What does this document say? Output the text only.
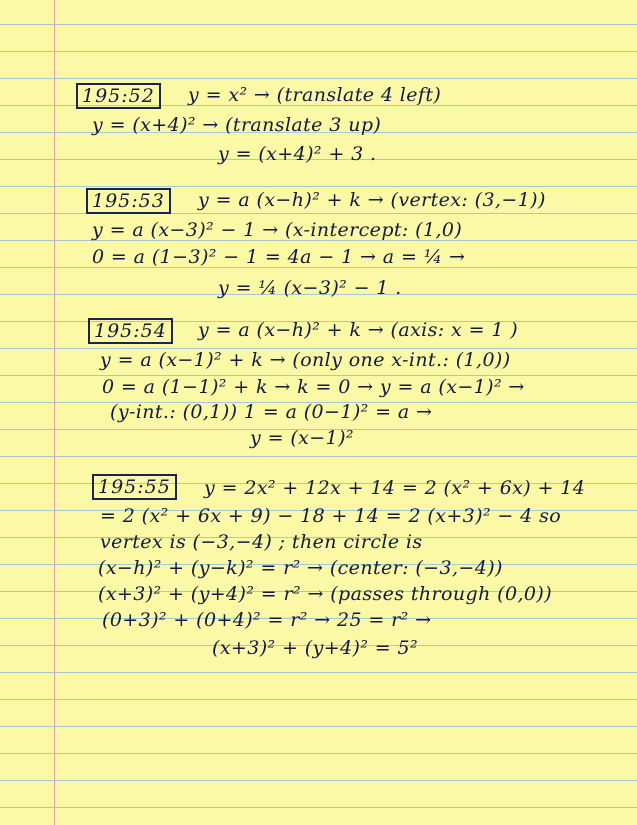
195:52	y = x² → (translate 4 left)
y = (x+4)² → (translate 3 up)
y = (x+4)² + 3 .
195:53	y = a (x−h)² + k → (vertex: (3,−1))
y = a (x−3)² − 1 → (x-intercept: (1,0)
0 = a (1−3)² − 1 = 4a − 1 → a = ¼ →
y = ¼ (x−3)² − 1 .
195:54	y = a (x−h)² + k → (axis: x = 1 )
y = a (x−1)² + k → (only one x-int.: (1,0))
0 = a (1−1)² + k → k = 0 → y = a (x−1)² →
(y-int.: (0,1)) 1 = a (0−1)² = a →
y = (x−1)²
195:55	y = 2x² + 12x + 14 = 2 (x² + 6x) + 14
= 2 (x² + 6x + 9) − 18 + 14 = 2 (x+3)² − 4 so
vertex is (−3,−4) ; then circle is
(x−h)² + (y−k)² = r² → (center: (−3,−4))
(x+3)² + (y+4)² = r² → (passes through (0,0))
(0+3)² + (0+4)² = r² → 25 = r² →
(x+3)² + (y+4)² = 5²
